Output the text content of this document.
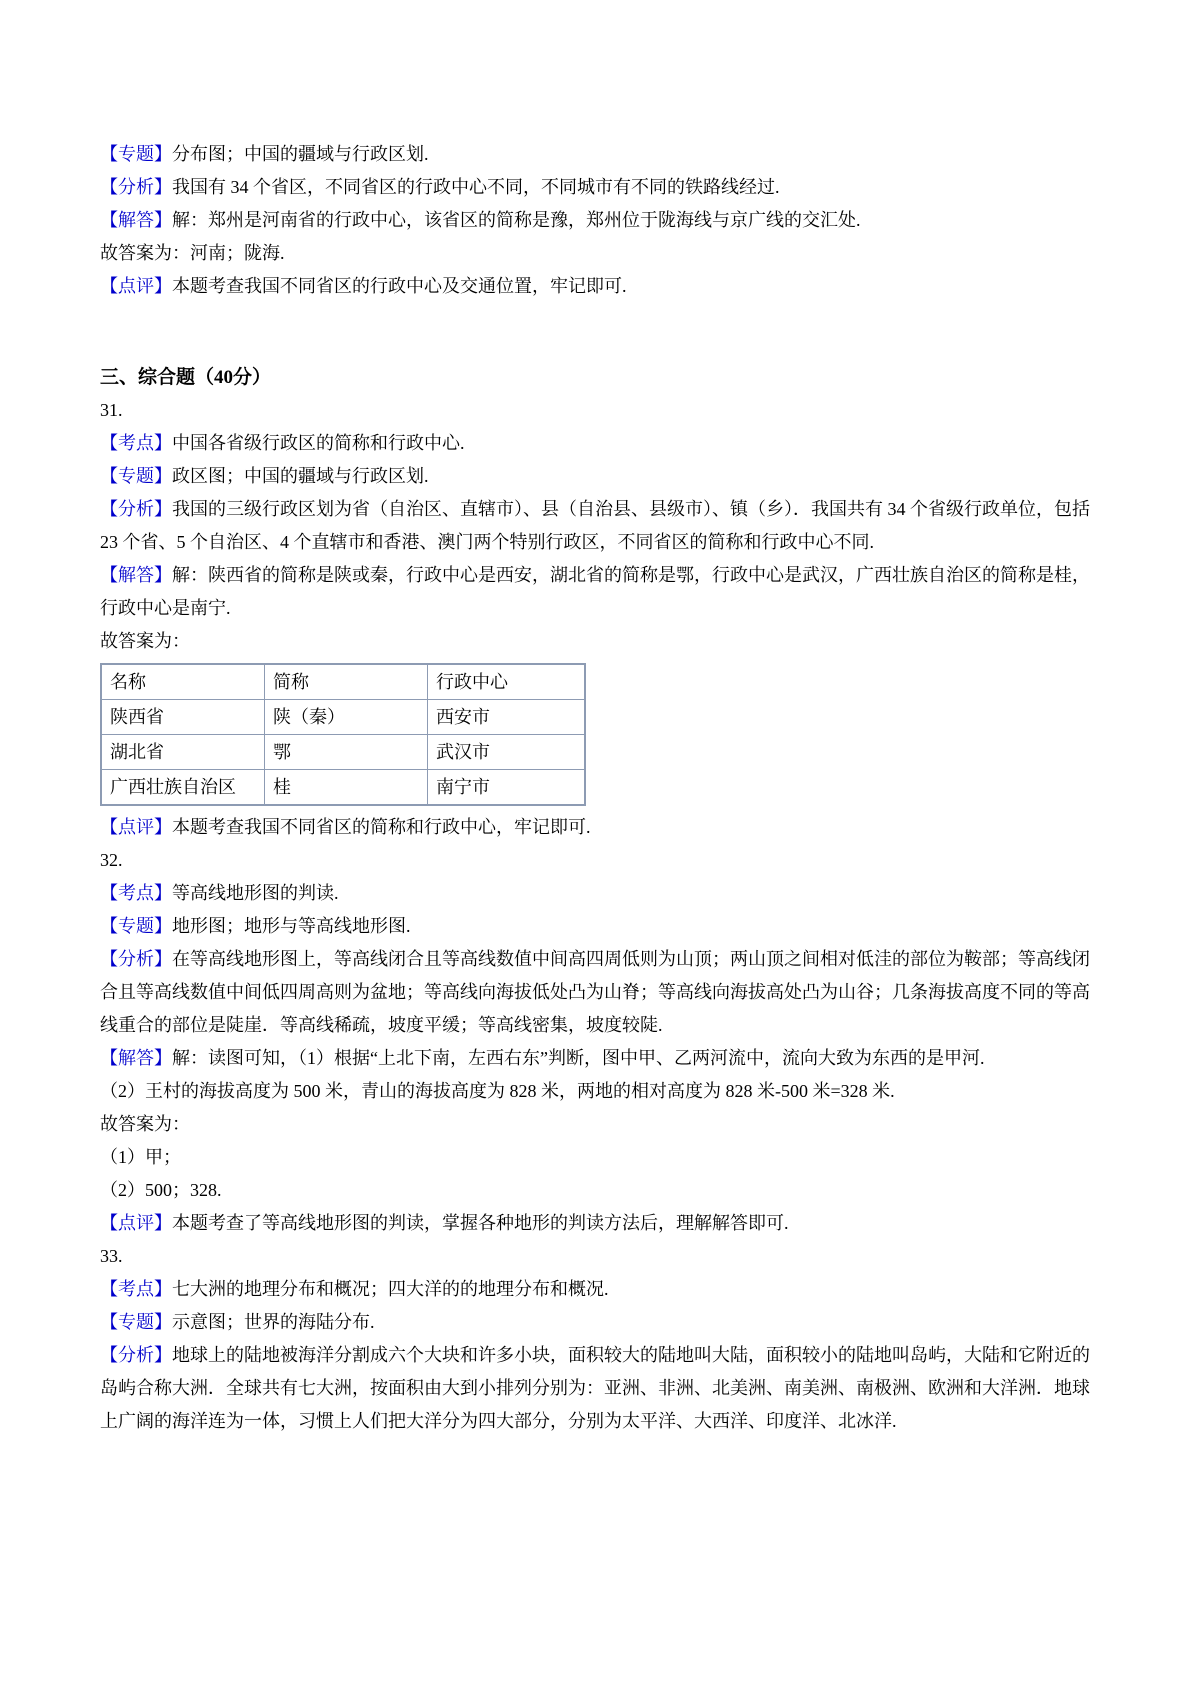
【专题】分布图；中国的疆域与行政区划.

【分析】我国有 34 个省区，不同省区的行政中心不同，不同城市有不同的铁路线经过.

【解答】解：郑州是河南省的行政中心，该省区的简称是豫，郑州位于陇海线与京广线的交汇处.

故答案为：河南；陇海.

【点评】本题考查我国不同省区的行政中心及交通位置，牢记即可.

三、综合题（40分）

31.

【考点】中国各省级行政区的简称和行政中心.

【专题】政区图；中国的疆域与行政区划.

【分析】我国的三级行政区划为省（自治区、直辖市）、县（自治县、县级市）、镇（乡）．我国共有 34 个省级行政单位，包括 23 个省、5 个自治区、4 个直辖市和香港、澳门两个特别行政区，不同省区的简称和行政中心不同.

【解答】解：陕西省的简称是陕或秦，行政中心是西安，湖北省的简称是鄂，行政中心是武汉，广西壮族自治区的简称是桂，行政中心是南宁.

故答案为：

名称	简称	行政中心
陕西省	陕（秦）	西安市
湖北省	鄂	武汉市
广西壮族自治区	桂	南宁市

【点评】本题考查我国不同省区的简称和行政中心，牢记即可.

32.

【考点】等高线地形图的判读.

【专题】地形图；地形与等高线地形图.

【分析】在等高线地形图上，等高线闭合且等高线数值中间高四周低则为山顶；两山顶之间相对低洼的部位为鞍部；等高线闭合且等高线数值中间低四周高则为盆地；等高线向海拔低处凸为山脊；等高线向海拔高处凸为山谷；几条海拔高度不同的等高线重合的部位是陡崖．等高线稀疏，坡度平缓；等高线密集，坡度较陡.

【解答】解：读图可知，（1）根据“上北下南，左西右东”判断，图中甲、乙两河流中，流向大致为东西的是甲河.

（2）王村的海拔高度为 500 米，青山的海拔高度为 828 米，两地的相对高度为 828 米-500 米=328 米.

故答案为：

（1）甲；

（2）500；328.

【点评】本题考查了等高线地形图的判读，掌握各种地形的判读方法后，理解解答即可.

33.

【考点】七大洲的地理分布和概况；四大洋的的地理分布和概况.

【专题】示意图；世界的海陆分布.

【分析】地球上的陆地被海洋分割成六个大块和许多小块，面积较大的陆地叫大陆，面积较小的陆地叫岛屿，大陆和它附近的岛屿合称大洲．全球共有七大洲，按面积由大到小排列分别为：亚洲、非洲、北美洲、南美洲、南极洲、欧洲和大洋洲．地球上广阔的海洋连为一体，习惯上人们把大洋分为四大部分，分别为太平洋、大西洋、印度洋、北冰洋.
